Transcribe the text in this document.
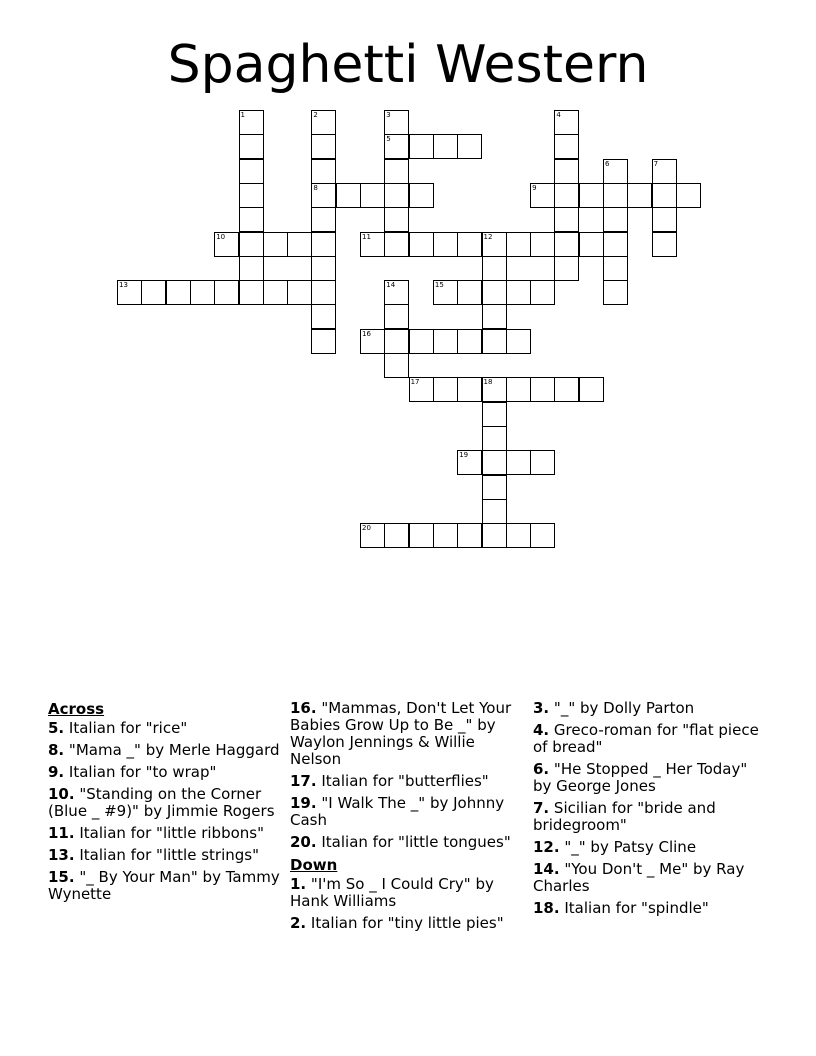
Spaghetti Western
5
8	9
10	11	12
13	15
16
17	18
19
20
1	2	3	4
6	7
14
Across
5. Italian for "rice"
8. "Mama _" by Merle Haggard
9. Italian for "to wrap"
10. "Standing on the Corner (Blue _ #9)" by Jimmie Rogers
11. Italian for "little ribbons"
13. Italian for "little strings"
15. "_ By Your Man" by Tammy Wynette
16. "Mammas, Don't Let Your Babies Grow Up to Be _" by Waylon Jennings & Willie Nelson
17. Italian for "butterflies"
19. "I Walk The _" by Johnny Cash
20. Italian for "little tongues"
Down
1. "I'm So _ I Could Cry" by Hank Williams
2. Italian for "tiny little pies"
3. "_" by Dolly Parton
4. Greco-roman for "flat piece of bread"
6. "He Stopped _ Her Today" by George Jones
7. Sicilian for "bride and bridegroom"
12. "_" by Patsy Cline
14. "You Don't _ Me" by Ray Charles
18. Italian for "spindle"
